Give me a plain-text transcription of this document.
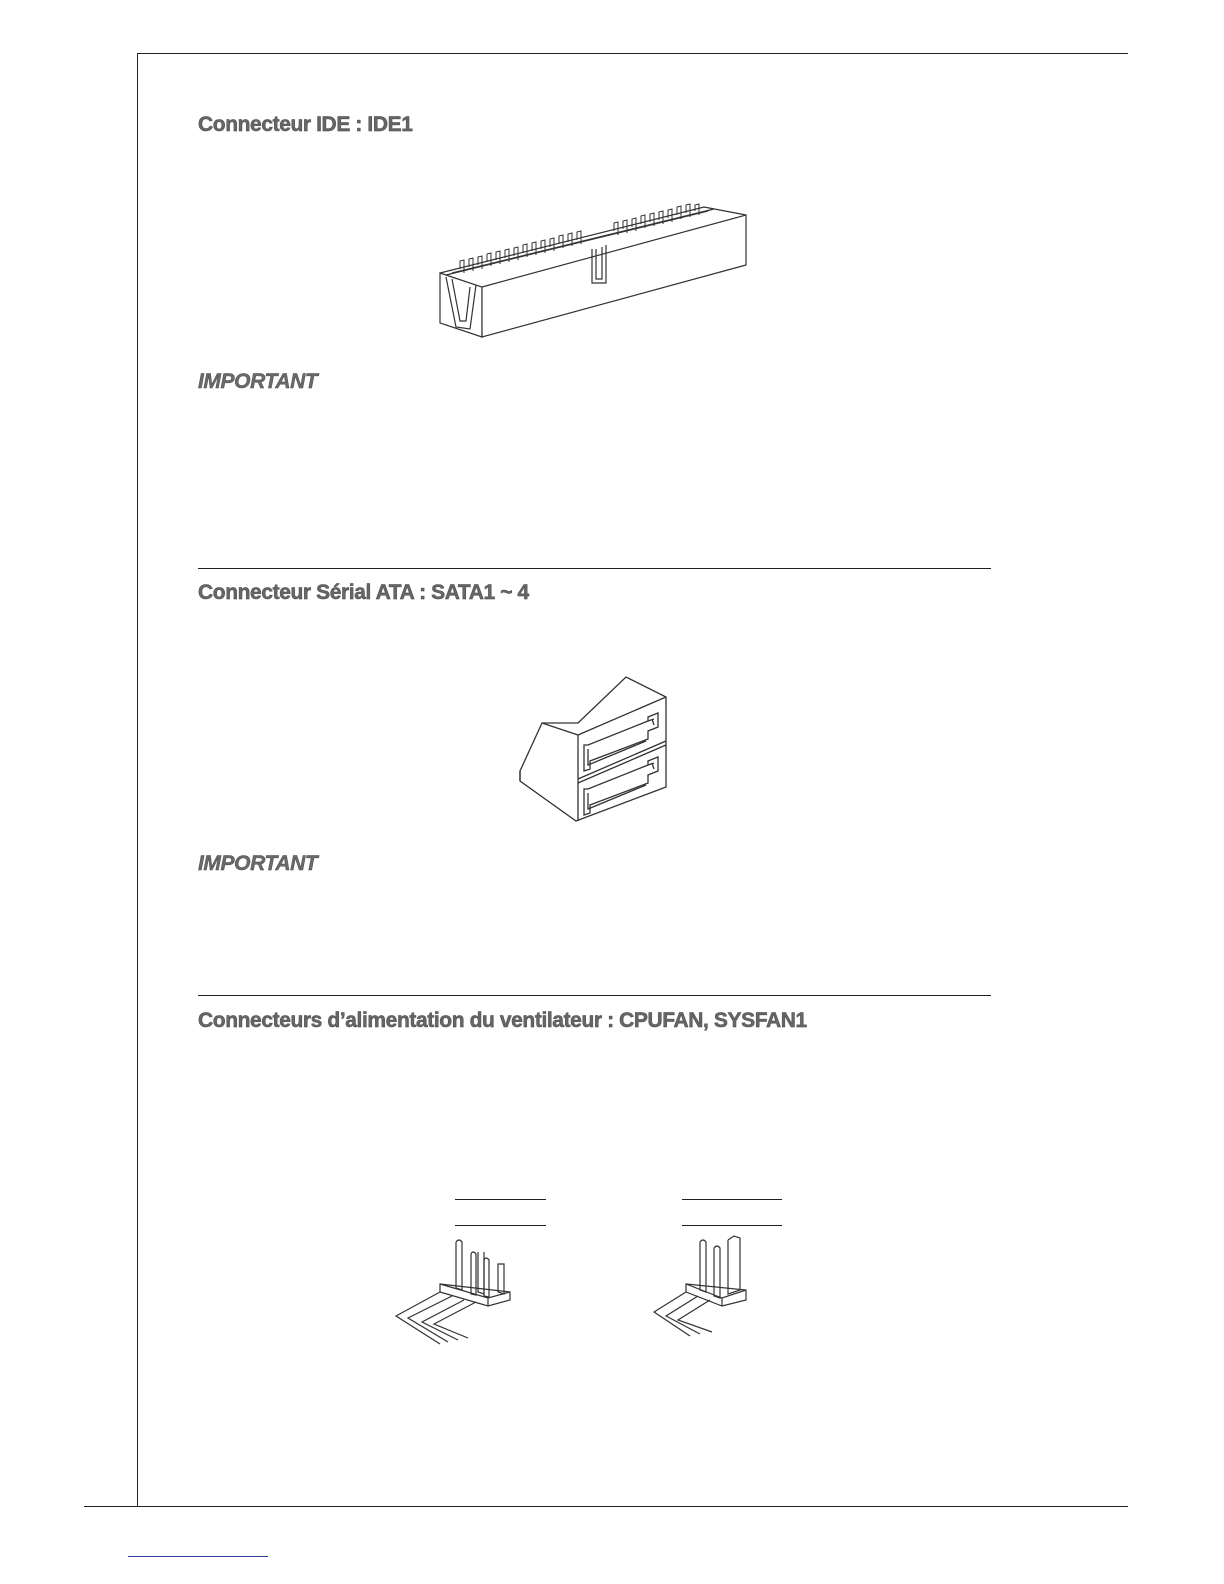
Connecteur IDE : IDE1
IMPORTANT
Connecteur Sérial ATA : SATA1 ~ 4
IMPORTANT
Connecteurs d’alimentation du ventilateur : CPUFAN, SYSFAN1
